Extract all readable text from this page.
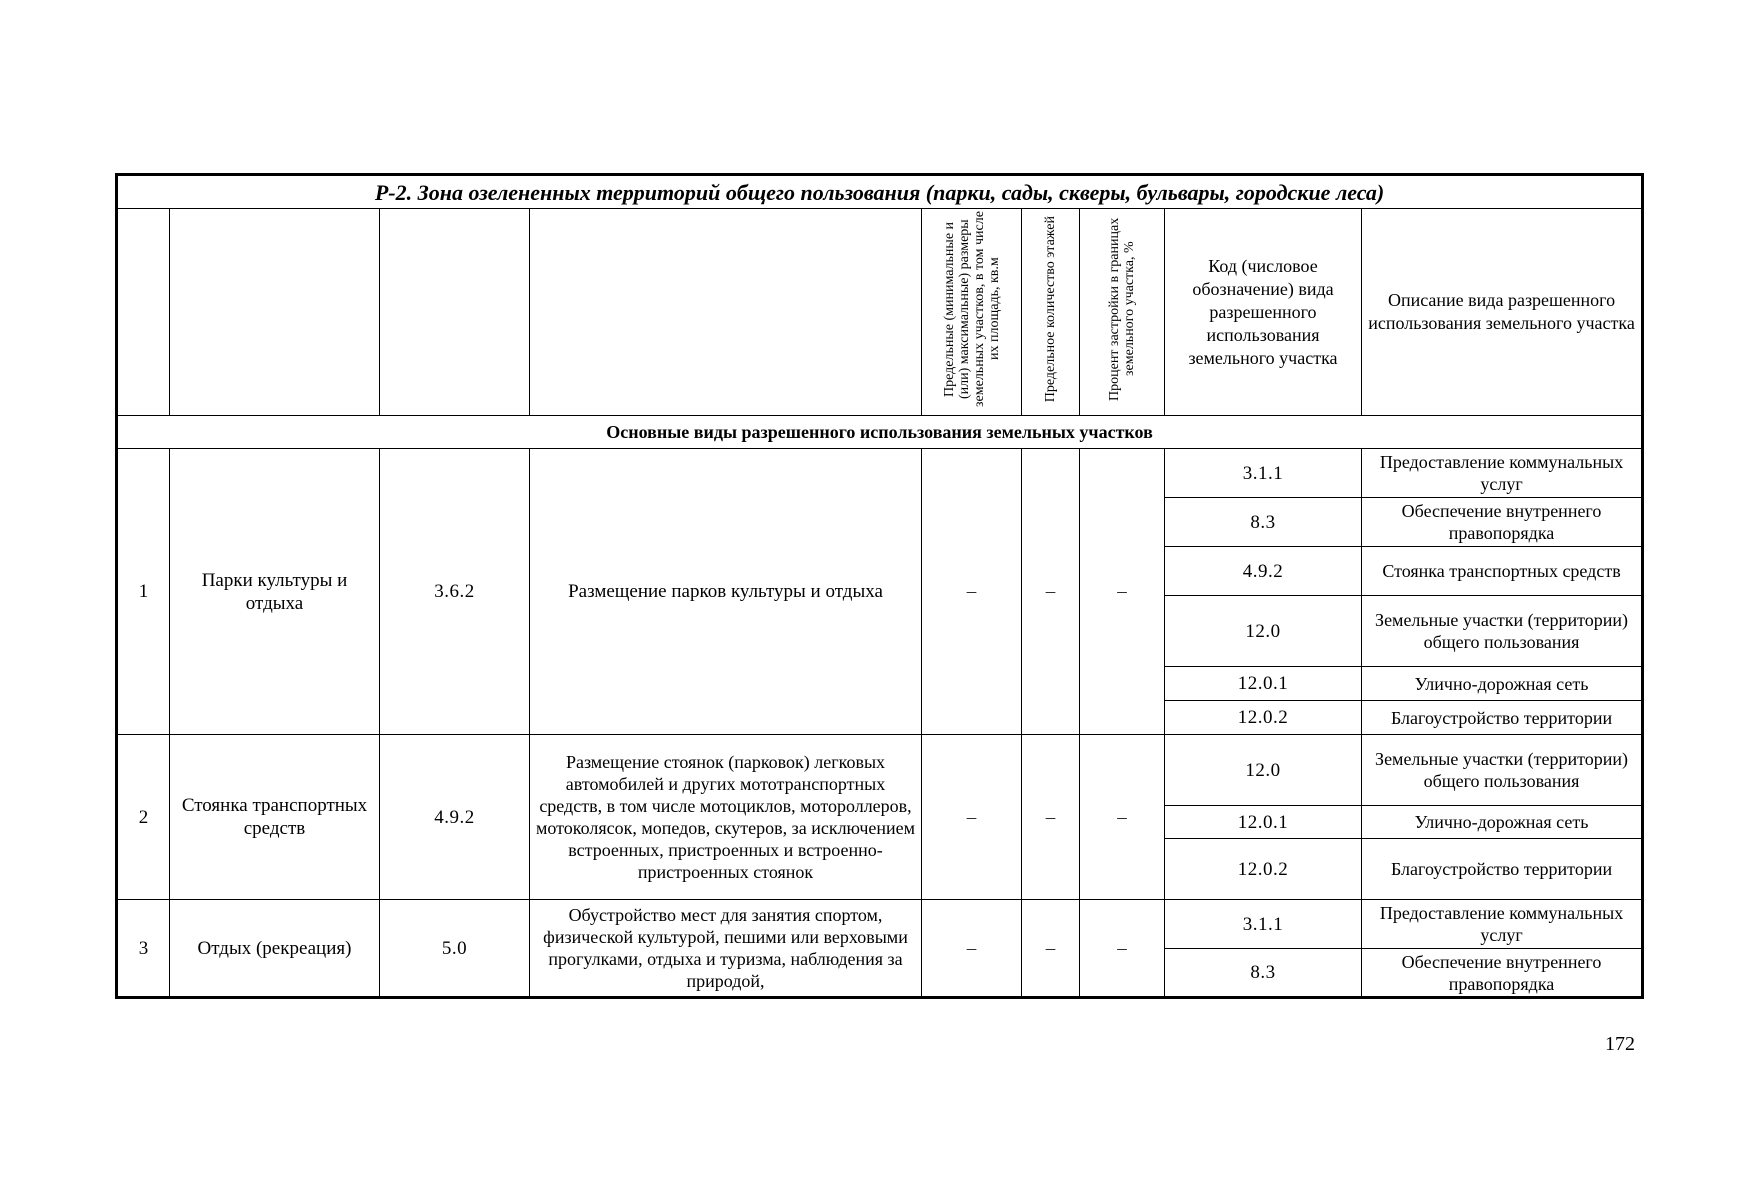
Р-2. Зона озелененных территорий общего пользования (парки, сады, скверы, бульвары, городские леса)								
				Предельные (минимальные и (или) максимальные) размеры земельных участков, в том числе их площадь, кв.м	Предельное количество этажей	Процент застройки в границах земельного участка, %	Код (числовое обозначение) вида разрешенного использования земельного участка	Описание вида разрешенного использования земельного участка
Основные виды разрешенного использования земельных участков								
1	Парки культуры и отдыха	3.6.2	Размещение парков культуры и отдыха	–	–	–	3.1.1	Предоставление коммунальных услуг
							8.3	Обеспечение внутреннего правопорядка
							4.9.2	Стоянка транспортных средств
							12.0	Земельные участки (территории) общего пользования
							12.0.1	Улично-дорожная сеть
							12.0.2	Благоустройство территории
2	Стоянка транспортных средств	4.9.2	Размещение стоянок (парковок) легковых автомобилей и других мототранспортных средств, в том числе мотоциклов, мотороллеров, мотоколясок, мопедов, скутеров, за исключением встроенных, пристроенных и встроенно-пристроенных стоянок	–	–	–	12.0	Земельные участки (территории) общего пользования
							12.0.1	Улично-дорожная сеть
							12.0.2	Благоустройство территории
3	Отдых (рекреация)	5.0	Обустройство мест для занятия спортом, физической культурой, пешими или верховыми прогулками, отдыха и туризма, наблюдения за природой,	–	–	–	3.1.1	Предоставление коммунальных услуг
							8.3	Обеспечение внутреннего правопорядка
172
